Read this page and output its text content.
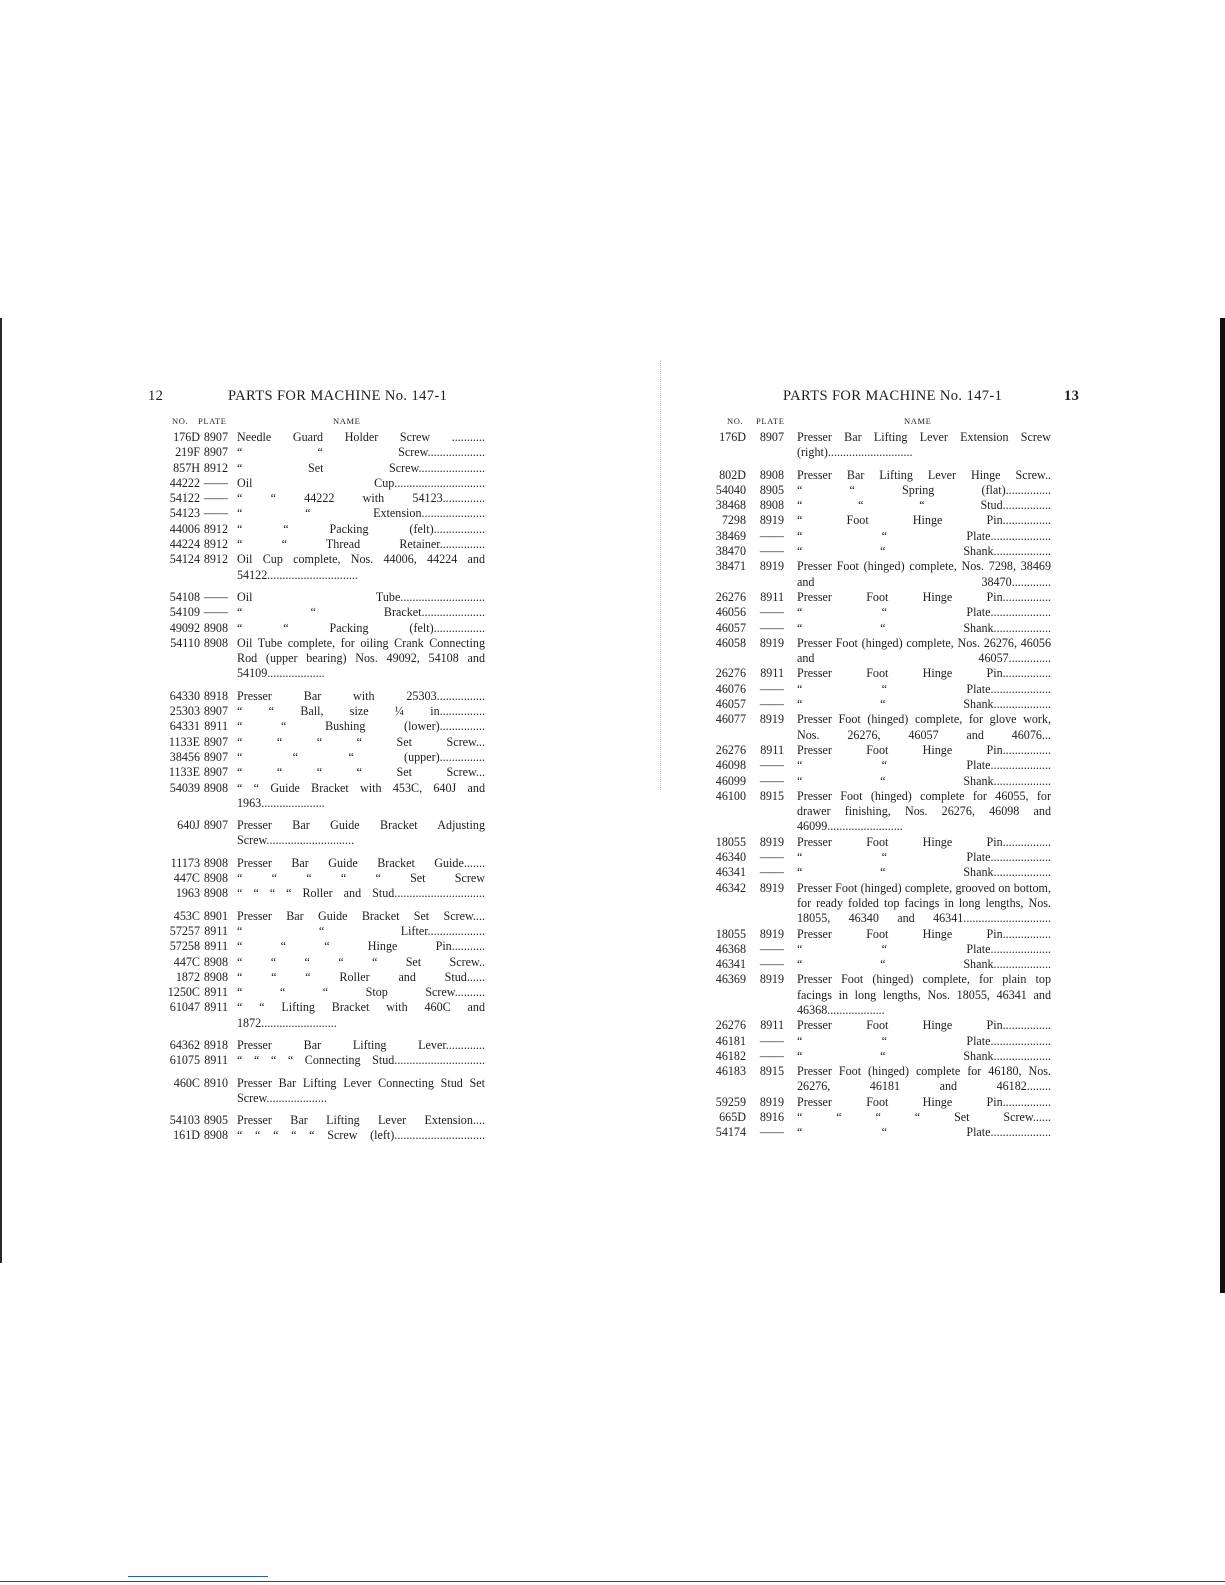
12	PARTS FOR MACHINE No. 147-1
NO. PLATE	NAME
176D 8907 Needle Guard Holder Screw ...........
219F 8907 “ “ Screw...................
857H 8912 “ Set Screw......................
44222 —— Oil Cup..............................
54122 —— “ “ 44222 with 54123..............
54123 —— “ “ Extension.....................
44006 8912 “ “ Packing (felt).................
44224 8912 “ “ Thread Retainer...............
54124 8912 Oil Cup complete, Nos. 44006, 44224 and 54122..............................
54108 —— Oil Tube............................
54109 —— “ “ Bracket.....................
49092 8908 “ “ Packing (felt).................
54110 8908 Oil Tube complete, for oiling Crank Connecting Rod (upper bearing) Nos. 49092, 54108 and 54109...................
64330 8918 Presser Bar with 25303................
25303 8907 “ “ Ball, size ¼ in...............
64331 8911 “ “ Bushing (lower)...............
1133E 8907 “ “ “ “ Set Screw...
38456 8907 “ “ “ (upper)...............
1133E 8907 “ “ “ “ Set Screw...
54039 8908 “ “ Guide Bracket with 453C, 640J and 1963.....................
640J 8907 Presser Bar Guide Bracket Adjusting Screw.............................
11173 8908 Presser Bar Guide Bracket Guide.......
447C 8908 “ “ “ “ “ Set Screw
1963 8908 “ “ “ “ Roller and Stud..............................
453C 8901 Presser Bar Guide Bracket Set Screw....
57257 8911 “ “ Lifter...................
57258 8911 “ “ “ Hinge Pin...........
447C 8908 “ “ “ “ “ Set Screw..
1872 8908 “ “ “ Roller and Stud......
1250C 8911 “ “ “ Stop Screw..........
61047 8911 “ “ Lifting Bracket with 460C and 1872.........................
64362 8918 Presser Bar Lifting Lever.............
61075 8911 “ “ “ “ Connecting Stud..............................
460C 8910 Presser Bar Lifting Lever Connecting Stud Set Screw....................
54103 8905 Presser Bar Lifting Lever Extension....
161D 8908 “ “ “ “ “ Screw (left)..............................
PARTS FOR MACHINE No. 147-1	13
NO. PLATE	NAME
176D	8907	Presser Bar Lifting Lever Extension Screw (right)............................
802D	8908	Presser Bar Lifting Lever Hinge Screw..
54040	8905	“ “ Spring (flat)...............
38468	8908	“ “ “ Stud................
7298	8919	“ Foot Hinge Pin................
38469	——	“ “ Plate....................
38470	——	“ “ Shank...................
38471	8919	Presser Foot (hinged) complete, Nos. 7298, 38469 and 38470.............
26276	8911	Presser Foot Hinge Pin................
46056	——	“ “ Plate....................
46057	——	“ “ Shank...................
46058	8919	Presser Foot (hinged) complete, Nos. 26276, 46056 and 46057..............
26276	8911	Presser Foot Hinge Pin................
46076	——	“ “ Plate....................
46057	——	“ “ Shank...................
46077	8919	Presser Foot (hinged) complete, for glove work, Nos. 26276, 46057 and 46076...
26276	8911	Presser Foot Hinge Pin................
46098	——	“ “ Plate....................
46099	——	“ “ Shank...................
46100	8915	Presser Foot (hinged) complete for 46055, for drawer finishing, Nos. 26276, 46098 and 46099.........................
18055	8919	Presser Foot Hinge Pin................
46340	——	“ “ Plate....................
46341	——	“ “ Shank...................
46342	8919	Presser Foot (hinged) complete, grooved on bottom, for ready folded top facings in long lengths, Nos. 18055, 46340 and 46341.............................
18055	8919	Presser Foot Hinge Pin................
46368	——	“ “ Plate....................
46341	——	“ “ Shank...................
46369	8919	Presser Foot (hinged) complete, for plain top facings in long lengths, Nos. 18055, 46341 and 46368...................
26276	8911	Presser Foot Hinge Pin................
46181	——	“ “ Plate....................
46182	——	“ “ Shank...................
46183	8915	Presser Foot (hinged) complete for 46180, Nos. 26276, 46181 and 46182........
59259	8919	Presser Foot Hinge Pin................
665D	8916	“ “ “ “ Set Screw......
54174	——	“ “ Plate....................
